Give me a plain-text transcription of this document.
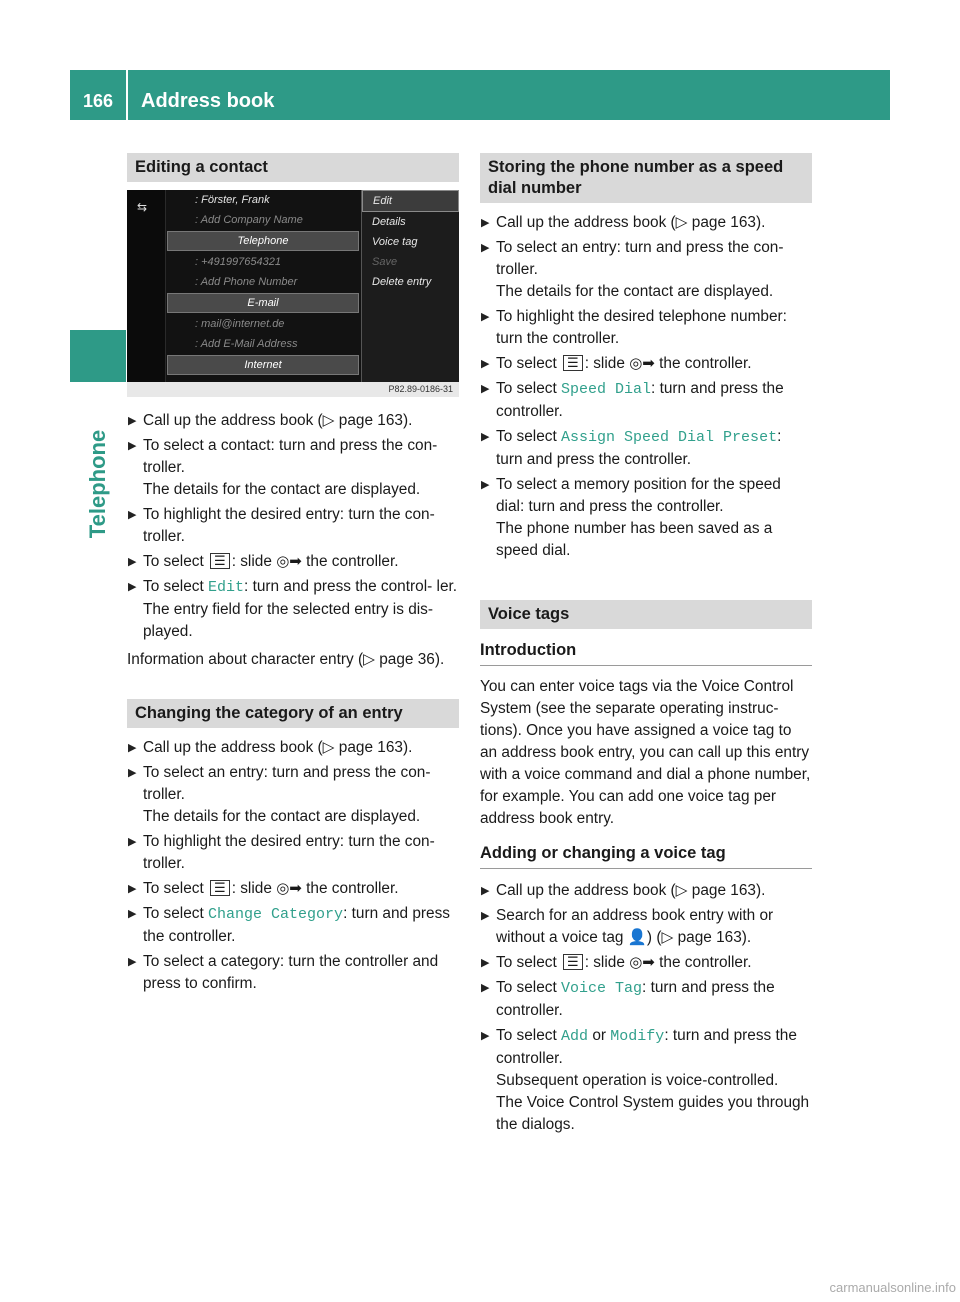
166	Address book
Telephone
Editing a contact
⇆	: Förster, Frank
: Add Company Name
Telephone
: +491997654321
: Add Phone Number
E-mail
: mail@internet.de
: Add E-Mail Address
Internet
Edit
Details
Voice tag
Save
Delete entry
P82.89-0186-31
▶ Call up the address book (▷ page 163).
▶ To select a contact: turn and press the con- troller.
The details for the contact are displayed.
▶ To highlight the desired entry: turn the con- troller.
▶ To select ☰ : slide ◎➡ the controller.
▶ To select Edit: turn and press the control- ler.
The entry field for the selected entry is dis- played.

Information about character entry (▷ page 36).

Changing the category of an entry
▶ Call up the address book (▷ page 163).
▶ To select an entry: turn and press the con- troller.
The details for the contact are displayed.
▶ To highlight the desired entry: turn the con- troller.
▶ To select ☰ : slide ◎➡ the controller.
▶ To select Change Category: turn and press the controller.
▶ To select a category: turn the controller and press to confirm.
Storing the phone number as a speed dial number
▶ Call up the address book (▷ page 163).
▶ To select an entry: turn and press the con- troller.
The details for the contact are displayed.
▶ To highlight the desired telephone number: turn the controller.
▶ To select ☰ : slide ◎➡ the controller.
▶ To select Speed Dial: turn and press the controller.
▶ To select Assign Speed Dial Preset: turn and press the controller.
▶ To select a memory position for the speed dial: turn and press the controller.
The phone number has been saved as a speed dial.
Voice tags
Introduction

You can enter voice tags via the Voice Control System (see the separate operating instruc- tions). Once you have assigned a voice tag to an address book entry, you can call up this entry with a voice command and dial a phone number, for example. You can add one voice tag per address book entry.

Adding or changing a voice tag
▶ Call up the address book (▷ page 163).
▶ Search for an address book entry with or without a voice tag 👤) (▷ page 163).
▶ To select ☰ : slide ◎➡ the controller.
▶ To select Voice Tag: turn and press the controller.
▶ To select Add or Modify: turn and press the controller.
Subsequent operation is voice-controlled.
The Voice Control System guides you through the dialogs.
carmanualsonline.info
